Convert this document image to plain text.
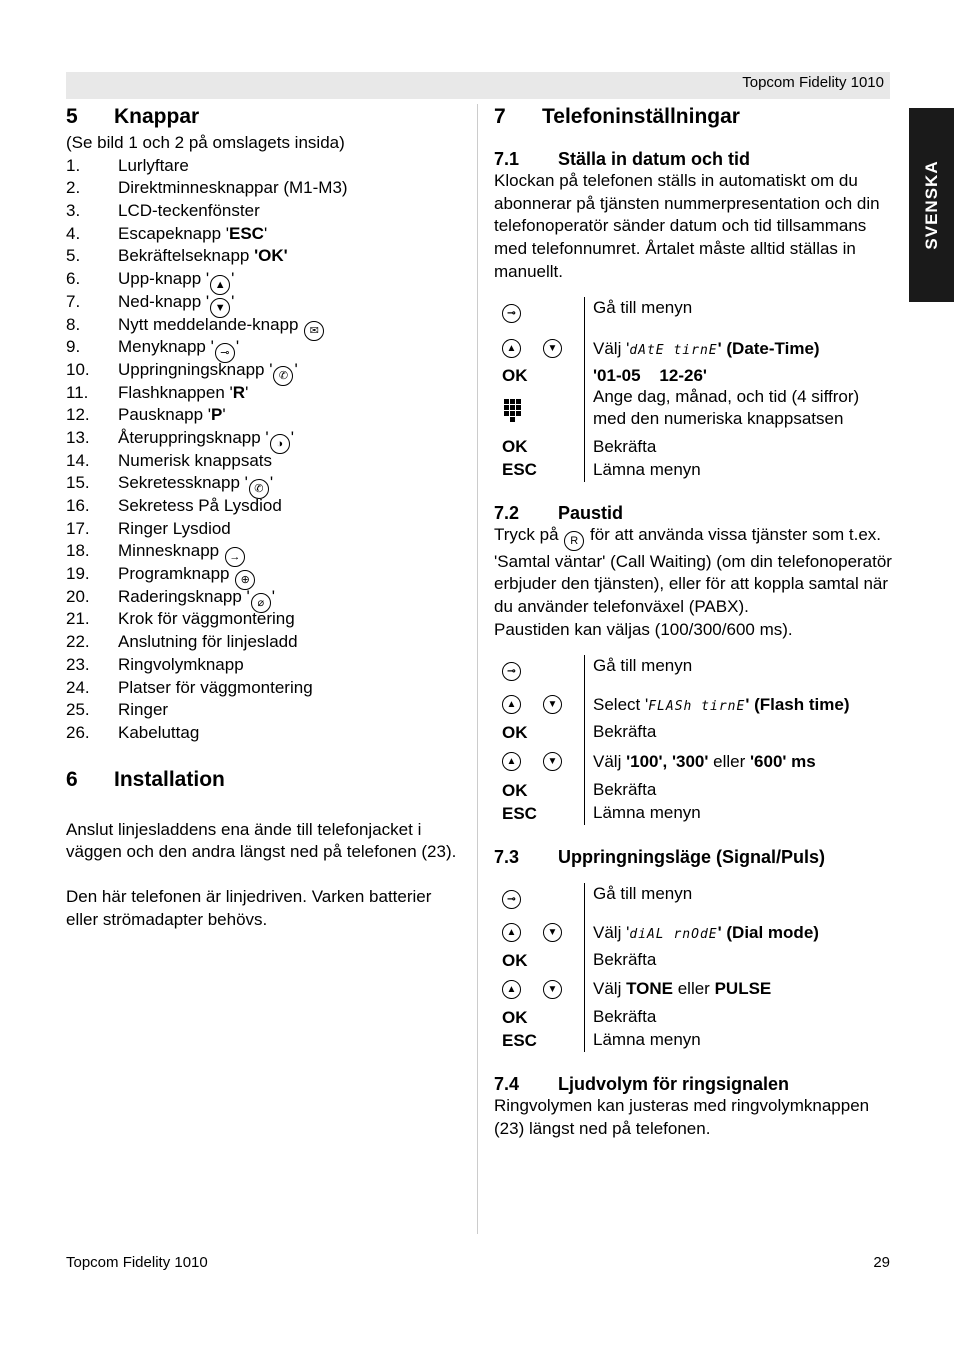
Topcom Fidelity 1010
SVENSKA
5	Knappar
(Se bild 1 och 2 på omslagets insida)
1.	Lurlyftare
2.	Direktminnesknappar (M1-M3)
3.	LCD-teckenfönster
4.	Escapeknapp 'ESC'
5.	Bekräftelseknapp 'OK'
6.	Upp-knapp ' ▲ '
7.	Ned-knapp ' ▼ '
8.	Nytt meddelande-knapp ✉
9.	Menyknapp ' ⊸ '
10.	Uppringningsknapp ' ✆ '
11.	Flashknappen 'R'
12.	Pausknapp 'P'
13.	Återuppringsknapp ' ◑ '
14.	Numerisk knappsats
15.	Sekretessknapp ' ✆ '
16.	Sekretess På Lysdiod
17.	Ringer Lysdiod
18.	Minnesknapp →
19.	Programknapp ⊕
20.	Raderingsknapp ' ⌀ '
21.	Krok för väggmontering
22.	Anslutning för linjesladd
23.	Ringvolymknapp
24.	Platser för väggmontering
25.	Ringer
26.	Kabeluttag
6	Installation
Anslut linjesladdens ena ände till telefonjacket i väggen och den andra längst ned på telefonen (23).
Den här telefonen är linjedriven. Varken batterier eller strömadapter behövs.
7	Telefoninställningar
7.1	Ställa in datum och tid
Klockan på telefonen ställs in automatiskt om du abonnerar på tjänsten nummerpresentation och din telefonoperatör sänder datum och tid tillsammans med telefonnumret. Årtalet måste alltid ställas in manuellt.
⊸	Gå till menyn
▲	▼	Välj 'dAtE tirnE' (Date-Time)
OK	'01-05    12-26'
Ange dag, månad, och tid (4 siffror) med den numeriska knappsatsen
OK	Bekräfta
ESC	Lämna menyn
7.2	Paustid
Tryck på R för att använda vissa tjänster som t.ex. 'Samtal väntar' (Call Waiting) (om din telefonoperatör erbjuder den tjänsten), eller för att koppla samtal när du använder telefonväxel (PABX).
Paustiden kan väljas (100/300/600 ms).
⊸	Gå till menyn
▲	▼	Select 'FLASh tirnE' (Flash time)
OK	Bekräfta
▲	▼	Välj '100', '300' eller '600' ms
OK	Bekräfta
ESC	Lämna menyn
7.3	Uppringningsläge (Signal/Puls)
⊸	Gå till menyn
▲	▼	Välj 'diAL rnOdE' (Dial mode)
OK	Bekräfta
▲	▼	Välj TONE eller PULSE
OK	Bekräfta
ESC	Lämna menyn
7.4	Ljudvolym för ringsignalen
Ringvolymen kan justeras med ringvolymknappen (23) längst ned på telefonen.
Topcom Fidelity 1010	29
